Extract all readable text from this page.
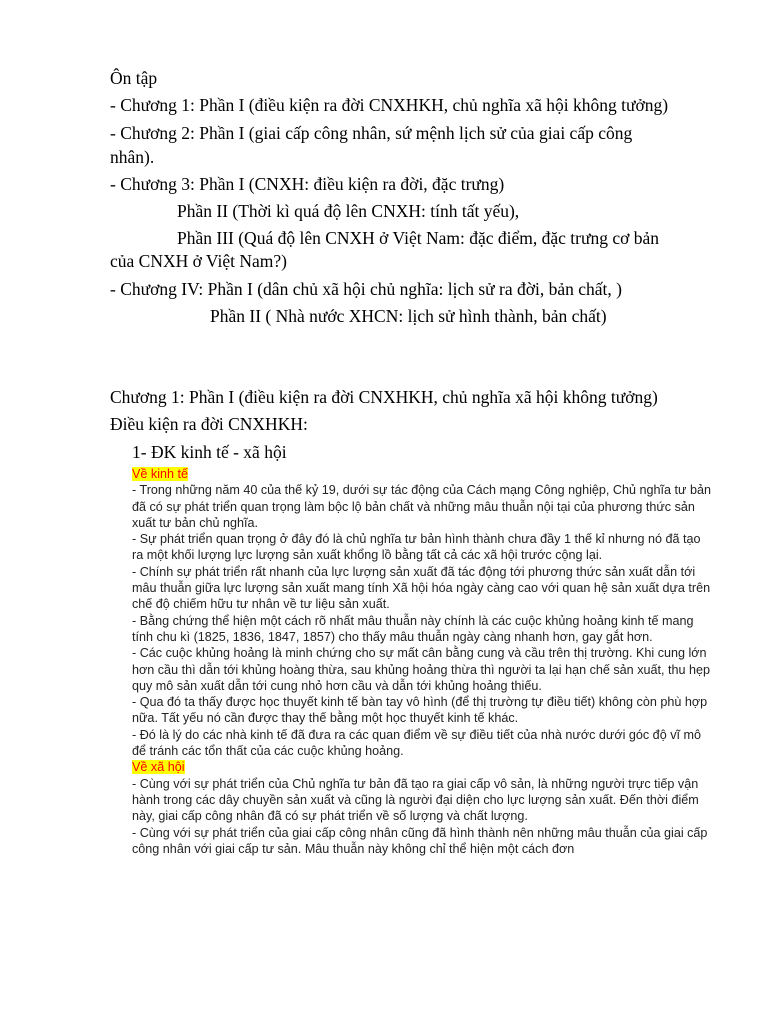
Ôn tập
- Chương 1: Phần I (điều kiện ra đời CNXHKH, chủ nghĩa xã hội không tưởng)
- Chương 2: Phần I (giai cấp công nhân, sứ mệnh lịch sử của giai cấp công
nhân).
- Chương 3: Phần I (CNXH: điều kiện ra đời, đặc trưng)
Phần II (Thời kì quá độ lên CNXH: tính tất yếu),
Phần III (Quá độ lên CNXH ở Việt Nam: đặc điểm, đặc trưng cơ bản
của CNXH ở Việt Nam?)
- Chương IV: Phần I (dân chủ xã hội chủ nghĩa: lịch sử ra đời, bản chất, )
Phần II ( Nhà nước XHCN: lịch sử hình thành, bản chất)
Chương 1: Phần I (điều kiện ra đời CNXHKH, chủ nghĩa xã hội không tưởng)
Điều kiện ra đời CNXHKH:
1- ĐK kinh tế - xã hội
Về kinh tế
- Trong những năm 40 của thế kỷ 19, dưới sự tác động của Cách mạng Công nghiệp, Chủ nghĩa tư bản đã có sự phát triển quan trọng làm bộc lộ bản chất và những mâu thuẫn nội tại của phương thức sản xuất tư bản chủ nghĩa.
- Sự phát triển quan trọng ở đây đó là chủ nghĩa tư bản hình thành chưa đầy 1 thế kỉ nhưng nó đã tạo ra một khối lượng lực lượng sản xuất khổng lồ bằng tất cả các xã hội trước cộng lại.
- Chính sự phát triển rất nhanh của lực lượng sản xuất đã tác động tới phương thức sản xuất dẫn tới mâu thuẫn giữa lực lượng sản xuất mang tính Xã hội hóa ngày càng cao với quan hệ sản xuất dựa trên chế độ chiếm hữu tư nhân về tư liệu sản xuất.
- Bằng chứng thể hiện một cách rõ nhất mâu thuẫn này chính là các cuộc khủng hoảng kinh tế mang tính chu kì (1825, 1836, 1847, 1857) cho thấy mâu thuẫn ngày càng nhanh hơn, gay gắt hơn.
- Các cuộc khủng hoảng là minh chứng cho sự mất cân bằng cung và cầu trên thị trường. Khi cung lớn hơn cầu thì dẫn tới khủng hoàng thừa, sau khủng hoảng thừa thì người ta lại hạn chế sản xuất, thu hẹp quy mô sản xuất dẫn tới cung nhỏ hơn cầu và dẫn tới khủng hoảng thiếu.
- Qua đó ta thấy được học thuyết kinh tế bàn tay vô hình (để thị trường tự điều tiết) không còn phù hợp nữa. Tất yếu nó cần được thay thế bằng một học thuyết kinh tế khác.
- Đó là lý do các nhà kinh tế đã đưa ra các quan điểm về sự điều tiết của nhà nước dưới góc độ vĩ mô để tránh các tổn thất của các cuộc khủng hoảng.
Về xã hội
- Cùng với sự phát triển của Chủ nghĩa tư bản đã tạo ra giai cấp vô sản, là những người trực tiếp vận hành trong các dây chuyền sản xuất và cũng là người đại diện cho lực lượng sản xuất. Đến thời điểm này, giai cấp công nhân đã có sự phát triển về số lượng và chất lượng.
- Cùng với sự phát triển của giai cấp công nhân cũng đã hình thành nên những mâu thuẫn của giai cấp công nhân với giai cấp tư sản. Mâu thuẫn này không chỉ thể hiện một cách đơn
